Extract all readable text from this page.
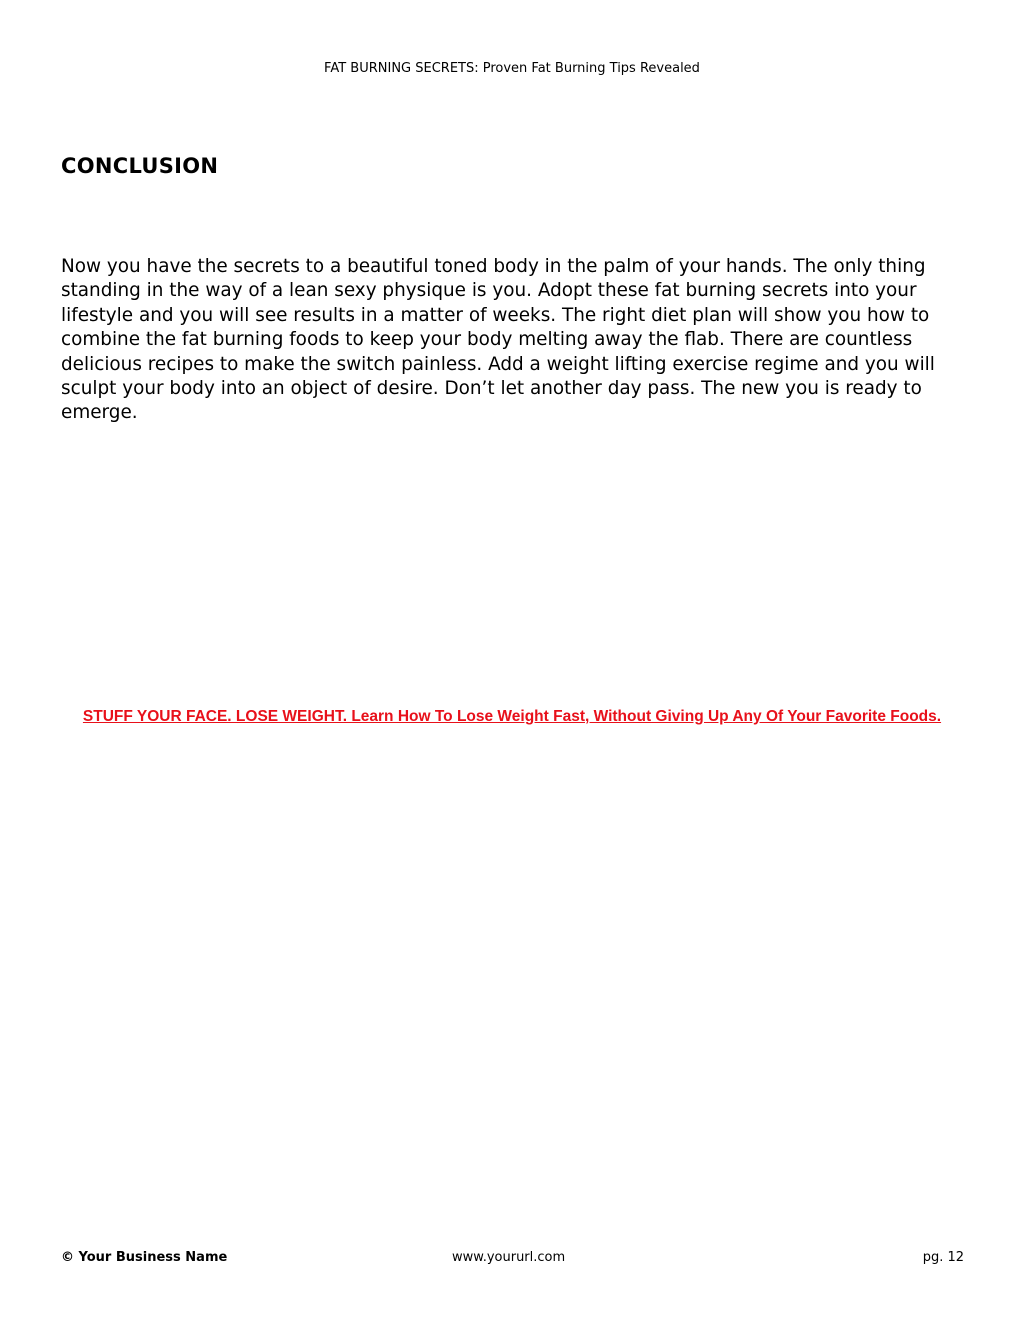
FAT BURNING SECRETS: Proven Fat Burning Tips Revealed
CONCLUSION

Now you have the secrets to a beautiful toned body in the palm of your hands. The only thing standing in the way of a lean sexy physique is you. Adopt these fat burning secrets into your lifestyle and you will see results in a matter of weeks. The right diet plan will show you how to combine the fat burning foods to keep your body melting away the flab. There are countless delicious recipes to make the switch painless. Add a weight lifting exercise regime and you will sculpt your body into an object of desire. Don’t let another day pass. The new you is ready to emerge.

STUFF YOUR FACE. LOSE WEIGHT. Learn How To Lose Weight Fast, Without Giving Up Any Of Your Favorite Foods.
© Your Business Name	www.yoururl.com	pg. 12
